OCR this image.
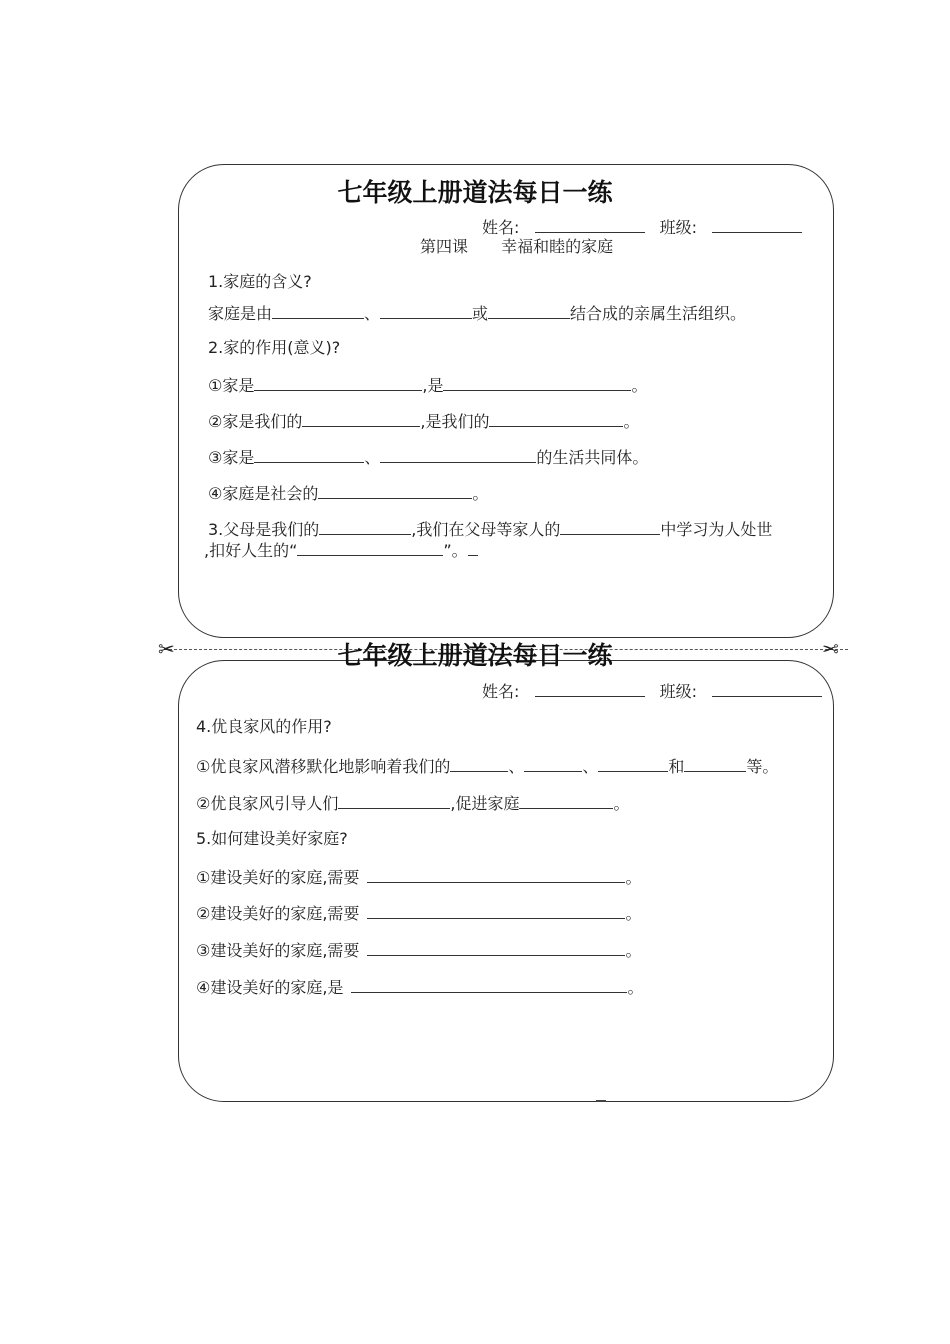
七年级上册道法每日一练
姓名:	班级:
第四课 幸福和睦的家庭
1.家庭的含义?
家庭是由	、	或	结合成的亲属生活组织。
2.家的作用(意义)?
①家是	,是	。
②家是我们的	,是我们的	。
③家是	、	的生活共同体。
④家庭是社会的	。
3.父母是我们的	,我们在父母等家人的	中学习为人处世
,扣好人生的“	”。
✂	✂
七年级上册道法每日一练
姓名:	班级:
4.优良家风的作用?
①优良家风潜移默化地影响着我们的	、	、	和	等。
②优良家风引导人们	,促进家庭	。
5.如何建设美好家庭?
①建设美好的家庭,需要	。
②建设美好的家庭,需要	。
③建设美好的家庭,需要	。
④建设美好的家庭,是	。
